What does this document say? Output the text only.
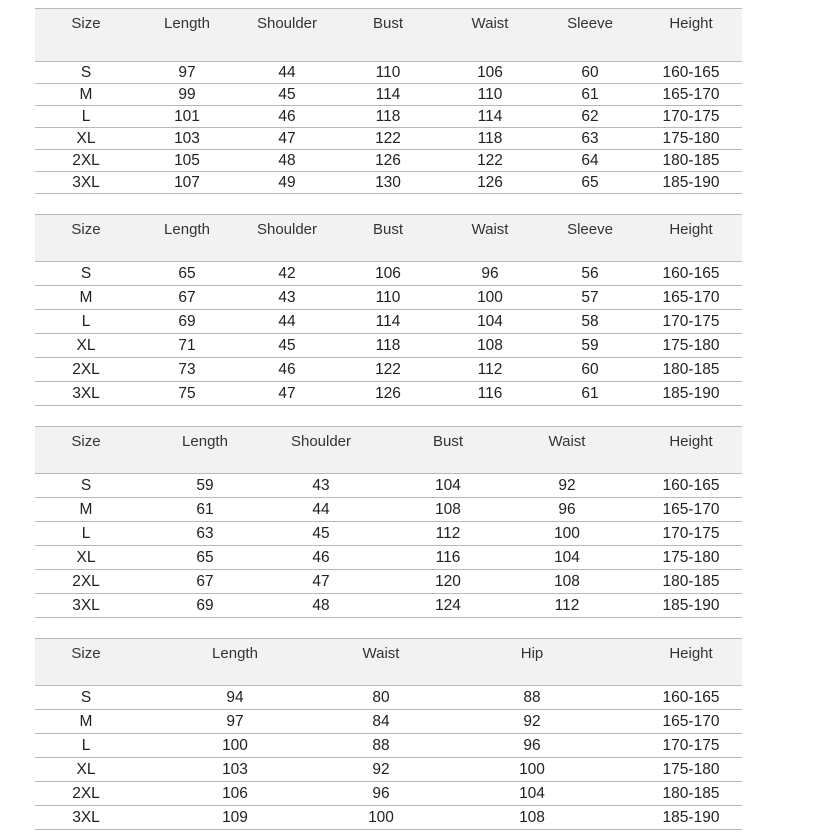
Size	Length	Shoulder	Bust	Waist	Sleeve	Height
S	97	44	110	106	60	160-165
M	99	45	114	110	61	165-170
L	101	46	118	114	62	170-175
XL	103	47	122	118	63	175-180
2XL	105	48	126	122	64	180-185
3XL	107	49	130	126	65	185-190
Size	Length	Shoulder	Bust	Waist	Sleeve	Height
S	65	42	106	96	56	160-165
M	67	43	110	100	57	165-170
L	69	44	114	104	58	170-175
XL	71	45	118	108	59	175-180
2XL	73	46	122	112	60	180-185
3XL	75	47	126	116	61	185-190
Size	Length	Shoulder	Bust	Waist	Height
S	59	43	104	92	160-165
M	61	44	108	96	165-170
L	63	45	112	100	170-175
XL	65	46	116	104	175-180
2XL	67	47	120	108	180-185
3XL	69	48	124	112	185-190
Size	Length	Waist	Hip	Height
S	94	80	88	160-165
M	97	84	92	165-170
L	100	88	96	170-175
XL	103	92	100	175-180
2XL	106	96	104	180-185
3XL	109	100	108	185-190
